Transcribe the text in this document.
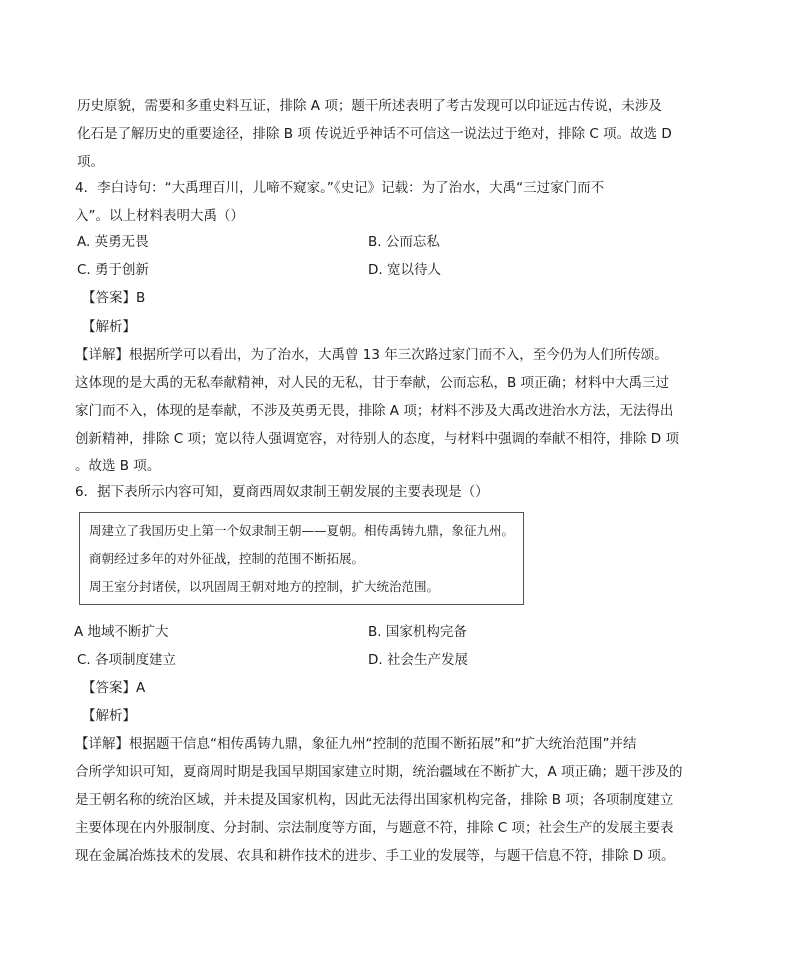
历史原貌，需要和多重史料互证，排除 A 项；题干所述表明了考古发现可以印证远古传说，未涉及
化石是了解历史的重要途径，排除 B 项 传说近乎神话不可信这一说法过于绝对，排除 C 项。故选 D
项。
4．李白诗句：“大禹理百川，儿啼不窥家。”《史记》记载：为了治水，大禹“三过家门而不
入”。以上材料表明大禹（）
A. 英勇无畏	B. 公而忘私
C. 勇于创新	D. 宽以待人
【答案】B
【解析】
【详解】根据所学可以看出，为了治水，大禹曾 13 年三次路过家门而不入，至今仍为人们所传颂。
这体现的是大禹的无私奉献精神，对人民的无私，甘于奉献，公而忘私，B 项正确；材料中大禹三过
家门而不入，体现的是奉献，不涉及英勇无畏，排除 A 项；材料不涉及大禹改进治水方法，无法得出
创新精神，排除 C 项；宽以待人强调宽容，对待别人的态度，与材料中强调的奉献不相符，排除 D 项
。故选 B 项。
6．据下表所示内容可知，夏商西周奴隶制王朝发展的主要表现是（）
周建立了我国历史上第一个奴隶制王朝——夏朝。相传禹铸九鼎，象征九州。
商朝经过多年的对外征战，控制的范围不断拓展。
周王室分封诸侯，以巩固周王朝对地方的控制，扩大统治范围。
A 地域不断扩大	B. 国家机构完备
C. 各项制度建立	D. 社会生产发展
【答案】A
【解析】
【详解】根据题干信息“相传禹铸九鼎，象征九州“控制的范围不断拓展”和“扩大统治范围”并结
合所学知识可知，夏商周时期是我国早期国家建立时期，统治疆域在不断扩大，A 项正确；题干涉及的
是王朝名称的统治区域，并未提及国家机构，因此无法得出国家机构完备，排除 B 项；各项制度建立
主要体现在内外服制度、分封制、宗法制度等方面，与题意不符，排除 C 项；社会生产的发展主要表
现在金属冶炼技术的发展、农具和耕作技术的进步、手工业的发展等，与题干信息不符，排除 D 项。
